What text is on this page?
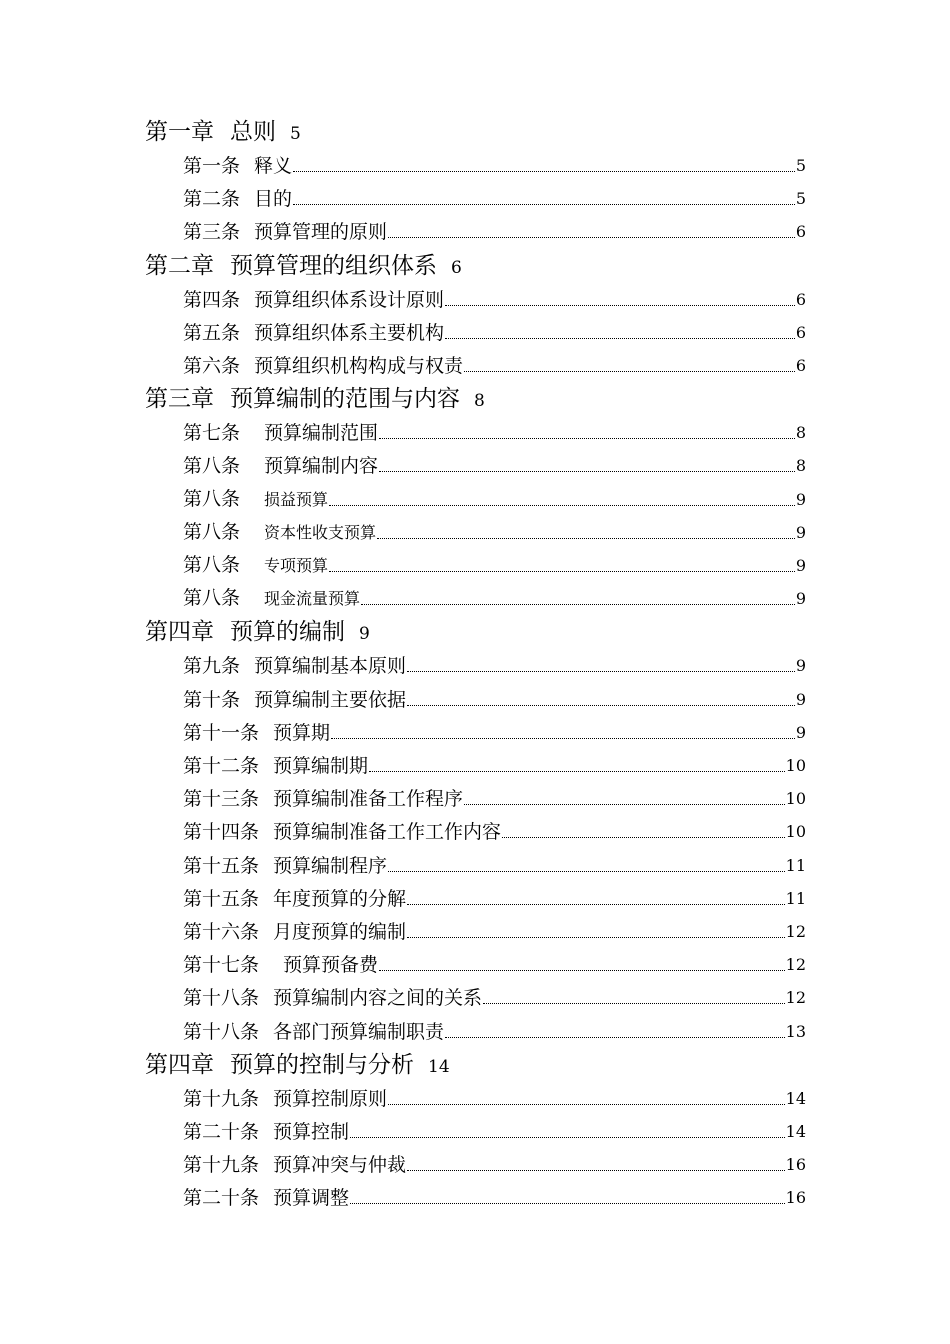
第一章 总则 5
第一条 释义	5
第二条 目的	5
第三条 预算管理的原则	6
第二章 预算管理的组织体系 6
第四条 预算组织体系设计原则	6
第五条 预算组织体系主要机构	6
第六条 预算组织机构构成与权责	6
第三章 预算编制的范围与内容 8
第七条 预算编制范围	8
第八条 预算编制内容	8
第八条 损益预算	9
第八条 资本性收支预算	9
第八条 专项预算	9
第八条 现金流量预算	9
第四章 预算的编制 9
第九条 预算编制基本原则	9
第十条 预算编制主要依据	9
第十一条 预算期	9
第十二条 预算编制期	10
第十三条 预算编制准备工作程序	10
第十四条 预算编制准备工作工作内容	10
第十五条 预算编制程序	11
第十五条 年度预算的分解	11
第十六条 月度预算的编制	12
第十七条 预算预备费	12
第十八条 预算编制内容之间的关系	12
第十八条 各部门预算编制职责	13
第四章 预算的控制与分析 14
第十九条 预算控制原则	14
第二十条 预算控制	14
第十九条 预算冲突与仲裁	16
第二十条 预算调整	16
